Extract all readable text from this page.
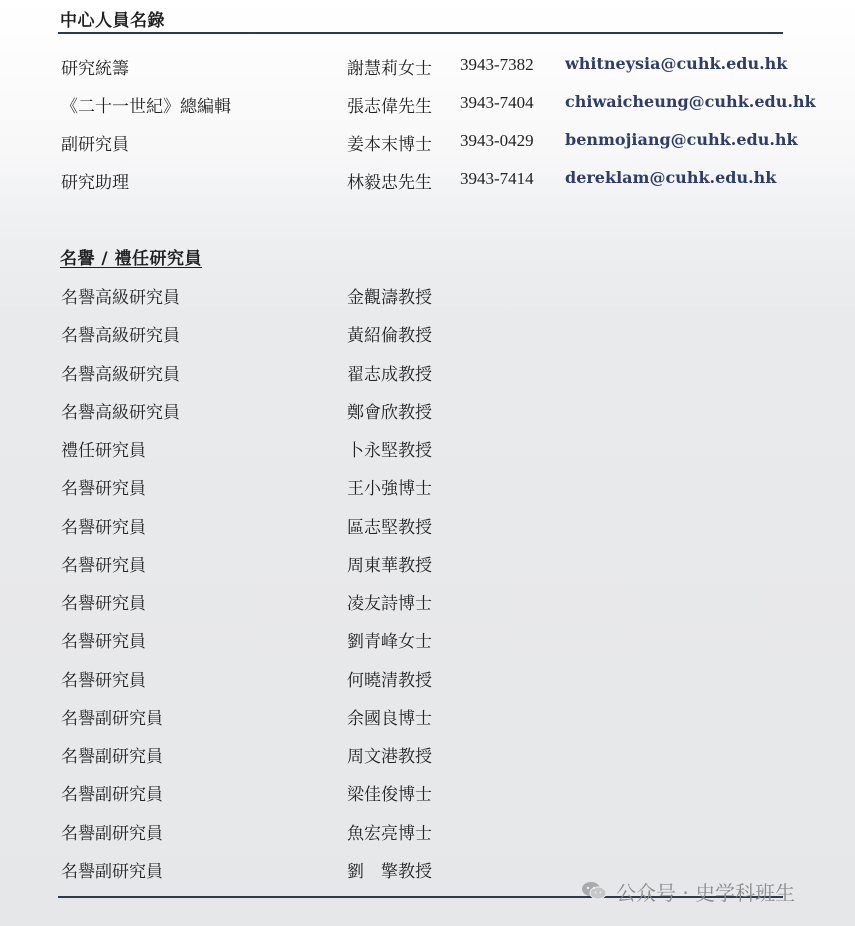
中心人員名錄
研究統籌	謝慧莉女士 3943-7382 whitneysia@cuhk.edu.hk
《二十一世紀》總編輯	張志偉先生 3943-7404 chiwaicheung@cuhk.edu.hk
副研究員	姜本末博士 3943-0429 benmojiang@cuhk.edu.hk
研究助理	林毅忠先生 3943-7414 dereklam@cuhk.edu.hk
名譽 / 禮任研究員
名譽高級研究員	金觀濤教授
名譽高級研究員	黃紹倫教授
名譽高級研究員	翟志成教授
名譽高級研究員	鄭會欣教授
禮任研究員	卜永堅教授
名譽研究員	王小強博士
名譽研究員	區志堅教授
名譽研究員	周東華教授
名譽研究員	凌友詩博士
名譽研究員	劉青峰女士
名譽研究員	何曉清教授
名譽副研究員	余國良博士
名譽副研究員	周文港教授
名譽副研究員	梁佳俊博士
名譽副研究員	魚宏亮博士
名譽副研究員	劉　擎教授
公众号 · 史学科班生
